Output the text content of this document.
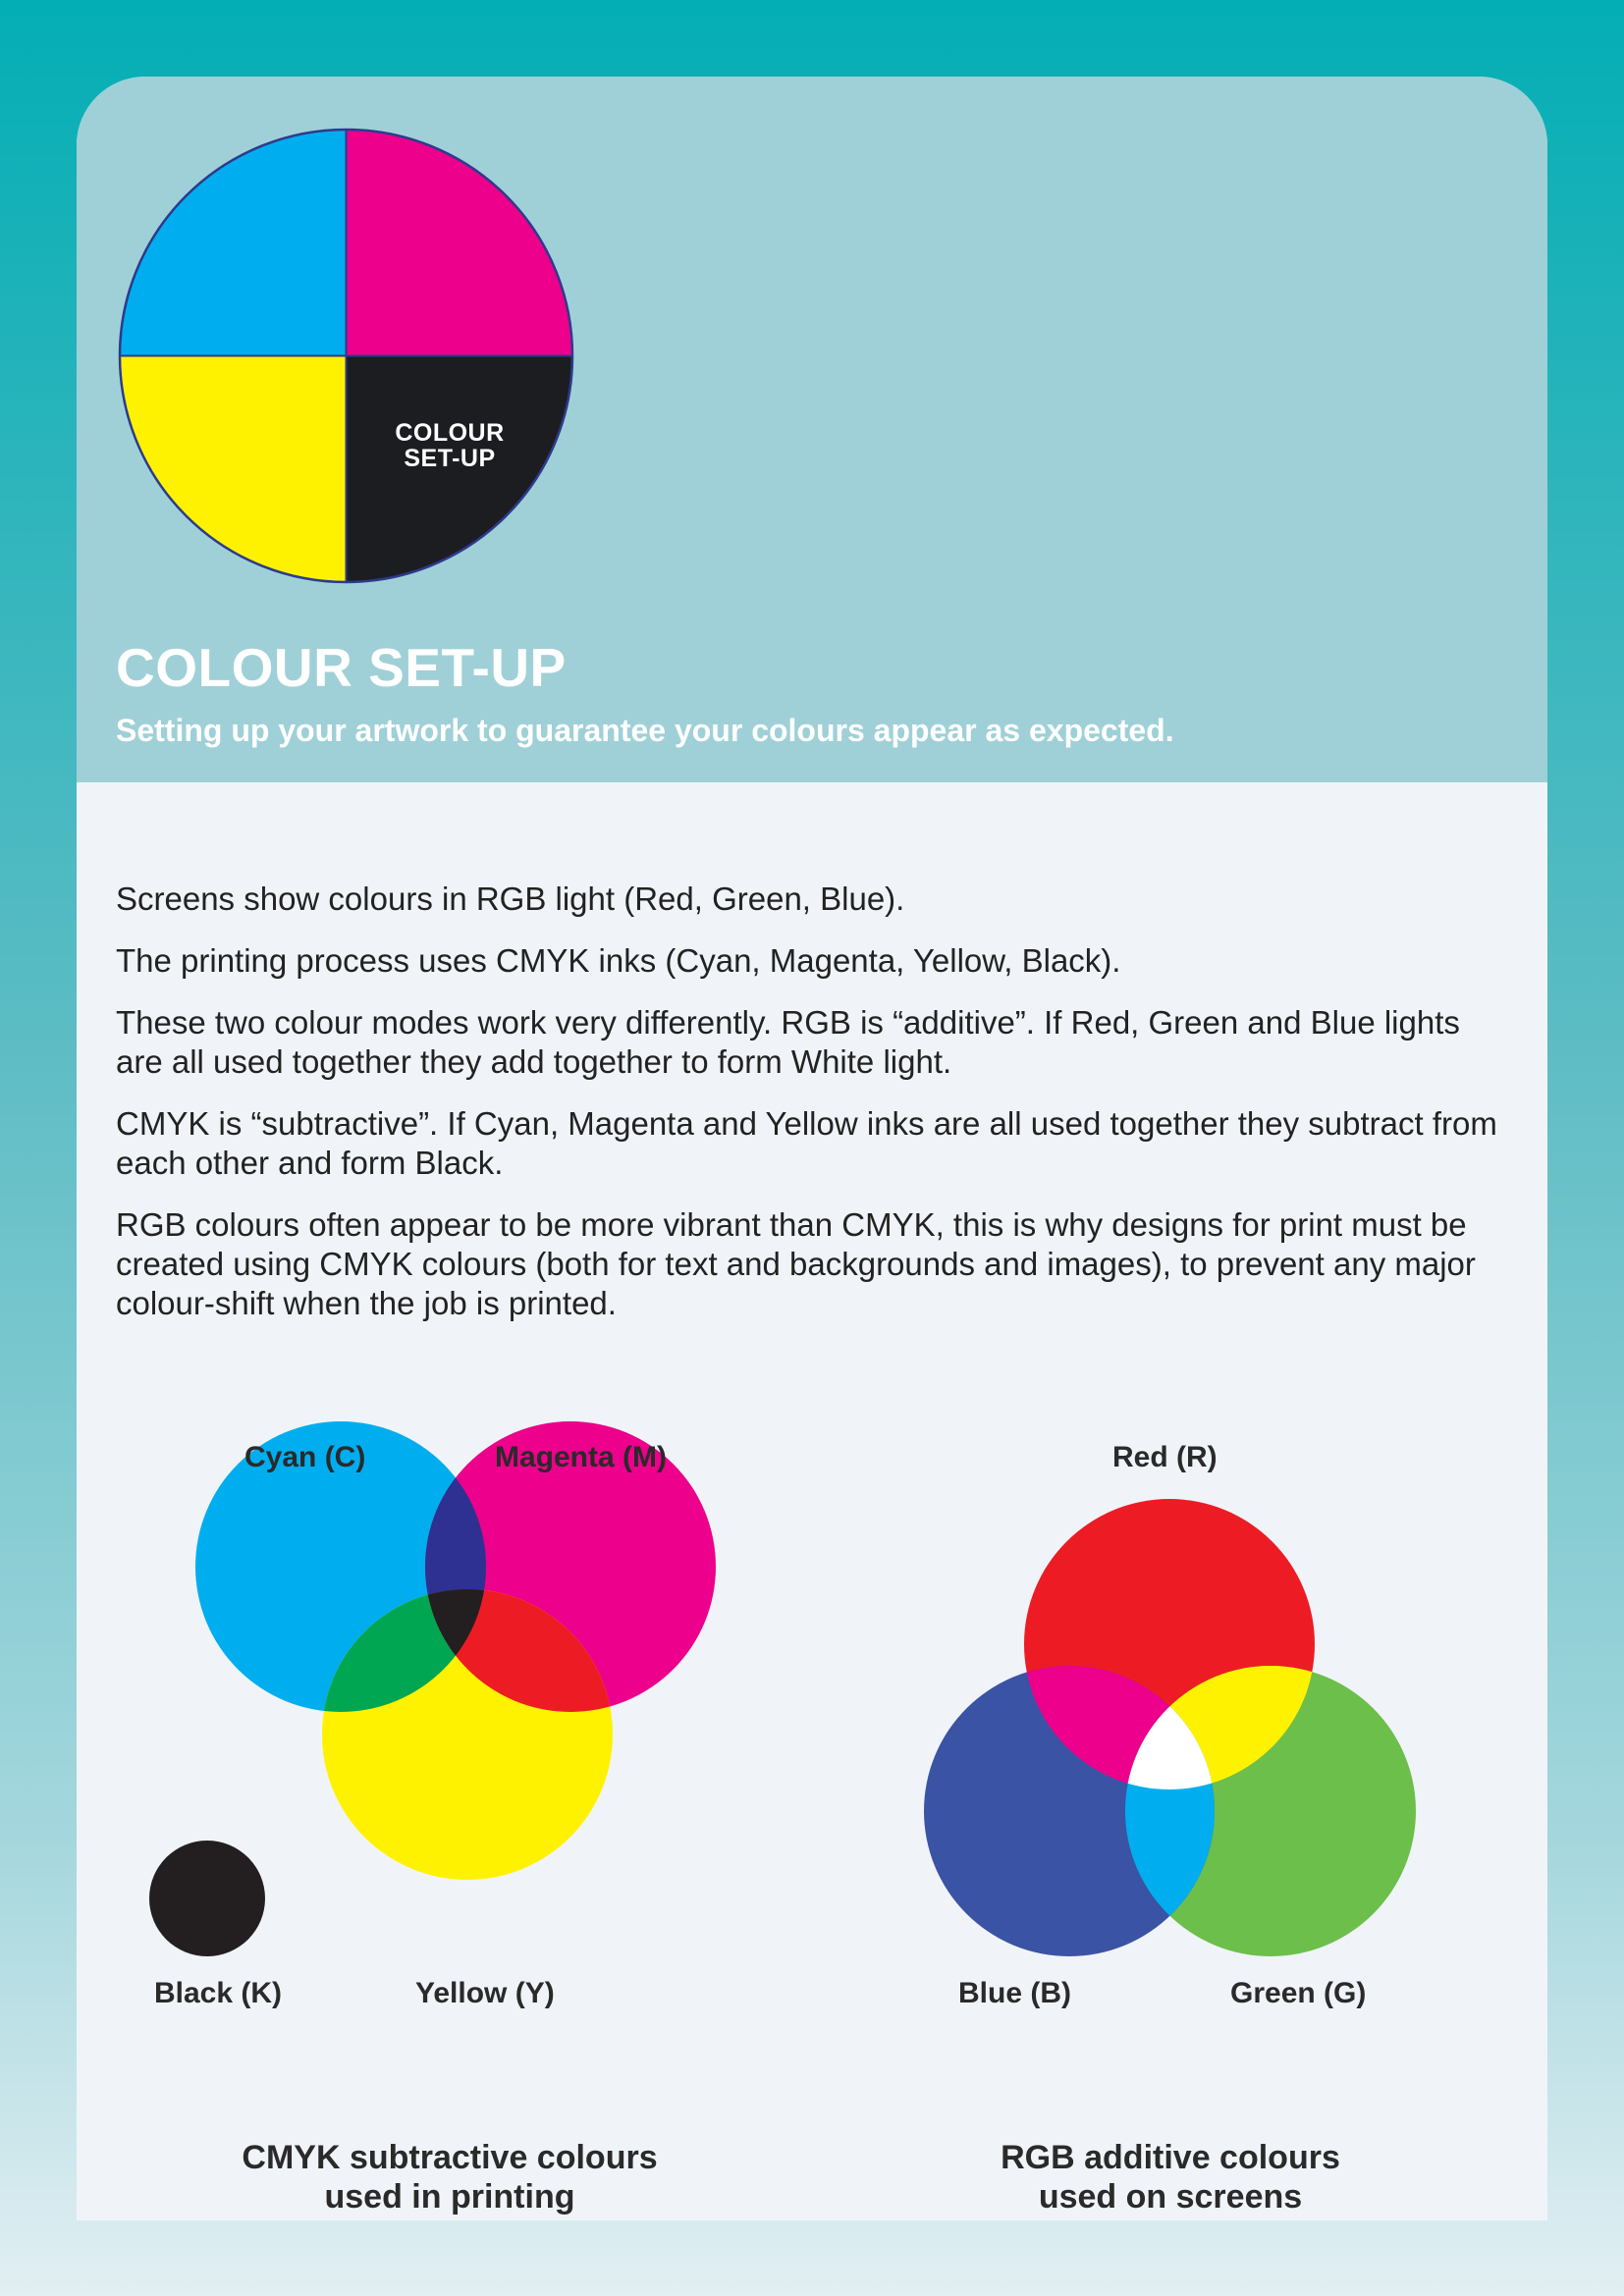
COLOUR
SET-UP
COLOUR SET-UP

Setting up your artwork to guarantee your colours appear as expected.

Screens show colours in RGB light (Red, Green, Blue).

The printing process uses CMYK inks (Cyan, Magenta, Yellow, Black).

These two colour modes work very differently. RGB is “additive”. If Red, Green and Blue lights are all used together they add together to form White light.

CMYK is “subtractive”. If Cyan, Magenta and Yellow inks are all used together they subtract from each other and form Black.

RGB colours often appear to be more vibrant than CMYK, this is why designs for print must be created using CMYK colours (both for text and backgrounds and images), to prevent any major colour-shift when the job is printed.

Cyan (C)	Magenta (M)
Black (K)	Yellow (Y)
Red (R)
Blue (B)	Green (G)
CMYK subtractive colours
used in printing
RGB additive colours
used on screens
